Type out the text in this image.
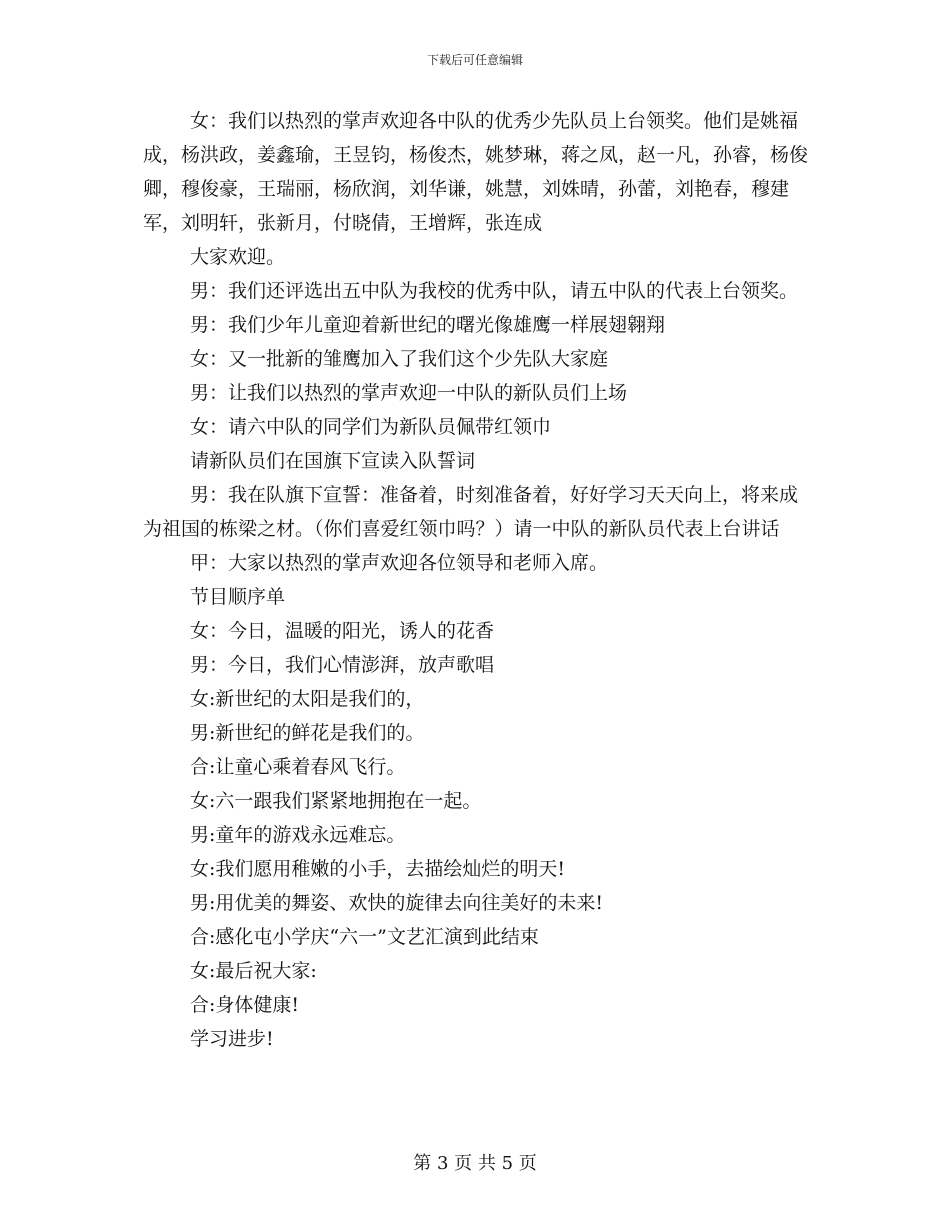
下载后可任意编辑

女：我们以热烈的掌声欢迎各中队的优秀少先队员上台领奖。他们是姚福成，杨洪政，姜鑫瑜，王昱钧，杨俊杰，姚梦琳，蒋之凤，赵一凡，孙睿，杨俊卿，穆俊豪，王瑞丽，杨欣润，刘华谦，姚慧，刘姝晴，孙蕾，刘艳春，穆建军，刘明轩，张新月，付晓倩，王增辉，张连成

大家欢迎。

男：我们还评选出五中队为我校的优秀中队，请五中队的代表上台领奖。

男：我们少年儿童迎着新世纪的曙光像雄鹰一样展翅翱翔

女：又一批新的雏鹰加入了我们这个少先队大家庭

男：让我们以热烈的掌声欢迎一中队的新队员们上场

女：请六中队的同学们为新队员佩带红领巾

请新队员们在国旗下宣读入队誓词

男：我在队旗下宣誓：准备着，时刻准备着，好好学习天天向上，将来成为祖国的栋梁之材。（你们喜爱红领巾吗？）请一中队的新队员代表上台讲话

甲：大家以热烈的掌声欢迎各位领导和老师入席。

节目顺序单

女：今日，温暖的阳光，诱人的花香

男：今日，我们心情澎湃，放声歌唱

女:新世纪的太阳是我们的，

男:新世纪的鲜花是我们的。

合:让童心乘着春风飞行。

女:六一跟我们紧紧地拥抱在一起。

男:童年的游戏永远难忘。

女:我们愿用稚嫩的小手，去描绘灿烂的明天!

男:用优美的舞姿、欢快的旋律去向往美好的未来!

合:感化屯小学庆“六一”文艺汇演到此结束

女:最后祝大家:

合:身体健康!

学习进步!

第 3 页 共 5 页
